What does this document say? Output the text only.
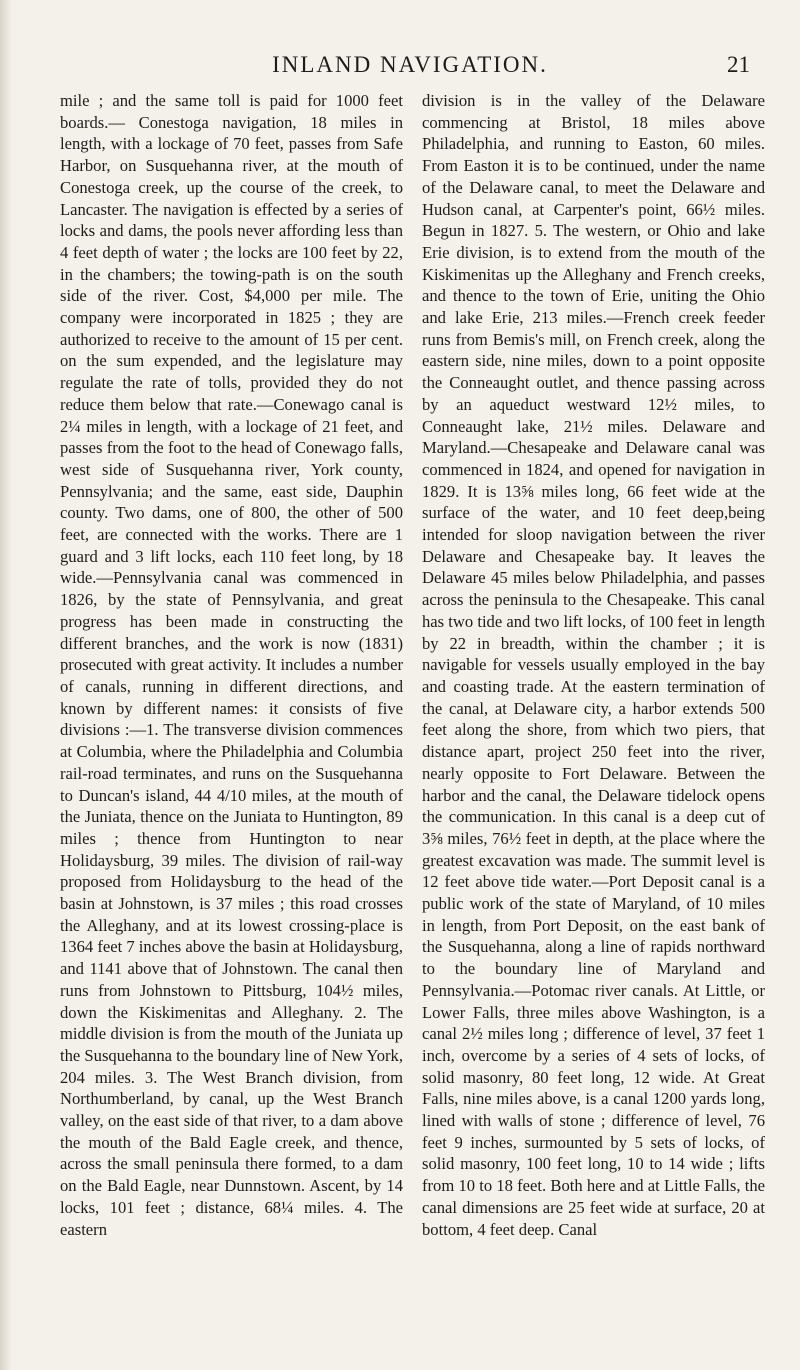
INLAND NAVIGATION.	21

mile ; and the same toll is paid for 1000 feet boards.— Conestoga navigation, 18 miles in length, with a lockage of 70 feet, passes from Safe Harbor, on Susquehanna river, at the mouth of Conestoga creek, up the course of the creek, to Lancaster. The navigation is effected by a series of locks and dams, the pools never affording less than 4 feet depth of water ; the locks are 100 feet by 22, in the chambers; the towing-path is on the south side of the river. Cost, $4,000 per mile. The company were incorporated in 1825 ; they are authorized to receive to the amount of 15 per cent. on the sum expended, and the legislature may regulate the rate of tolls, provided they do not reduce them below that rate.—Conewago canal is 2¼ miles in length, with a lockage of 21 feet, and passes from the foot to the head of Conewago falls, west side of Susquehanna river, York county, Pennsylvania; and the same, east side, Dauphin county. Two dams, one of 800, the other of 500 feet, are connected with the works. There are 1 guard and 3 lift locks, each 110 feet long, by 18 wide.—Pennsylvania canal was commenced in 1826, by the state of Pennsylvania, and great progress has been made in constructing the different branches, and the work is now (1831) prosecuted with great activity. It includes a number of canals, running in different directions, and known by different names: it consists of five divisions :—1. The transverse division commences at Columbia, where the Philadelphia and Columbia rail-road terminates, and runs on the Susquehanna to Duncan's island, 44 4/10 miles, at the mouth of the Juniata, thence on the Juniata to Huntington, 89 miles ; thence from Huntington to near Holidaysburg, 39 miles. The division of rail-way proposed from Holidaysburg to the head of the basin at Johnstown, is 37 miles ; this road crosses the Alleghany, and at its lowest crossing-place is 1364 feet 7 inches above the basin at Holidaysburg, and 1141 above that of Johnstown. The canal then runs from Johnstown to Pittsburg, 104½ miles, down the Kiskimenitas and Alleghany. 2. The middle division is from the mouth of the Juniata up the Susquehanna to the boundary line of New York, 204 miles. 3. The West Branch division, from Northumberland, by canal, up the West Branch valley, on the east side of that river, to a dam above the mouth of the Bald Eagle creek, and thence, across the small peninsula there formed, to a dam on the Bald Eagle, near Dunnstown. Ascent, by 14 locks, 101 feet ; distance, 68¼ miles. 4. The eastern

division is in the valley of the Delaware commencing at Bristol, 18 miles above Philadelphia, and running to Easton, 60 miles. From Easton it is to be continued, under the name of the Delaware canal, to meet the Delaware and Hudson canal, at Carpenter's point, 66½ miles. Begun in 1827. 5. The western, or Ohio and lake Erie division, is to extend from the mouth of the Kiskimenitas up the Alleghany and French creeks, and thence to the town of Erie, uniting the Ohio and lake Erie, 213 miles.—French creek feeder runs from Bemis's mill, on French creek, along the eastern side, nine miles, down to a point opposite the Conneaught outlet, and thence passing across by an aqueduct westward 12½ miles, to Conneaught lake, 21½ miles. Delaware and Maryland.—Chesapeake and Delaware canal was commenced in 1824, and opened for navigation in 1829. It is 13⅝ miles long, 66 feet wide at the surface of the water, and 10 feet deep,being intended for sloop navigation between the river Delaware and Chesapeake bay. It leaves the Delaware 45 miles below Philadelphia, and passes across the peninsula to the Chesapeake. This canal has two tide and two lift locks, of 100 feet in length by 22 in breadth, within the chamber ; it is navigable for vessels usually employed in the bay and coasting trade. At the eastern termination of the canal, at Delaware city, a harbor extends 500 feet along the shore, from which two piers, that distance apart, project 250 feet into the river, nearly opposite to Fort Delaware. Between the harbor and the canal, the Delaware tidelock opens the communication. In this canal is a deep cut of 3⅝ miles, 76½ feet in depth, at the place where the greatest excavation was made. The summit level is 12 feet above tide water.—Port Deposit canal is a public work of the state of Maryland, of 10 miles in length, from Port Deposit, on the east bank of the Susquehanna, along a line of rapids northward to the boundary line of Maryland and Pennsylvania.—Potomac river canals. At Little, or Lower Falls, three miles above Washington, is a canal 2½ miles long ; difference of level, 37 feet 1 inch, overcome by a series of 4 sets of locks, of solid masonry, 80 feet long, 12 wide. At Great Falls, nine miles above, is a canal 1200 yards long, lined with walls of stone ; difference of level, 76 feet 9 inches, surmounted by 5 sets of locks, of solid masonry, 100 feet long, 10 to 14 wide ; lifts from 10 to 18 feet. Both here and at Little Falls, the canal dimensions are 25 feet wide at surface, 20 at bottom, 4 feet deep. Canal
